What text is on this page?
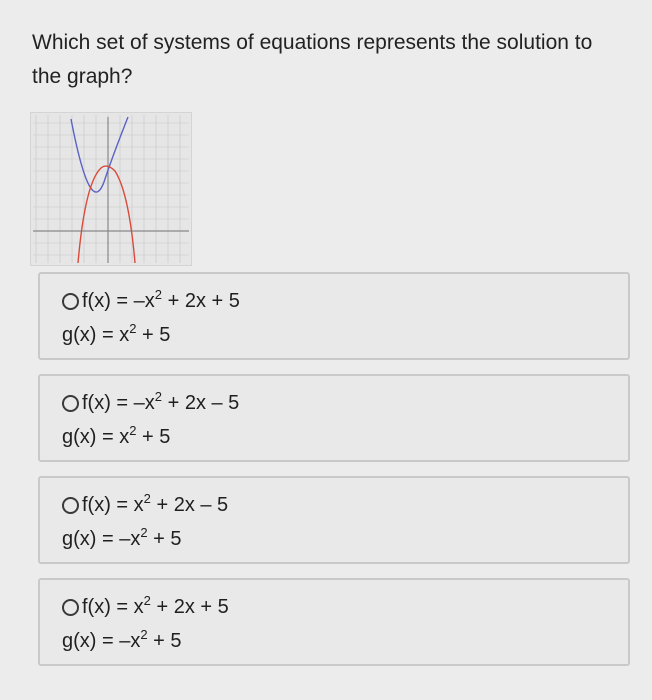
Which set of systems of equations represents the solution to the graph?
$f(x) = -x^2 + 2x + 5$
$g(x) = x^2 + 5$
$f(x) = -x^2 + 2x - 5$
$g(x) = x^2 + 5$
$f(x) = x^2 + 2x - 5$
$g(x) = -x^2 + 5$
$f(x) = x^2 + 2x + 5$
$g(x) = -x^2 + 5$
